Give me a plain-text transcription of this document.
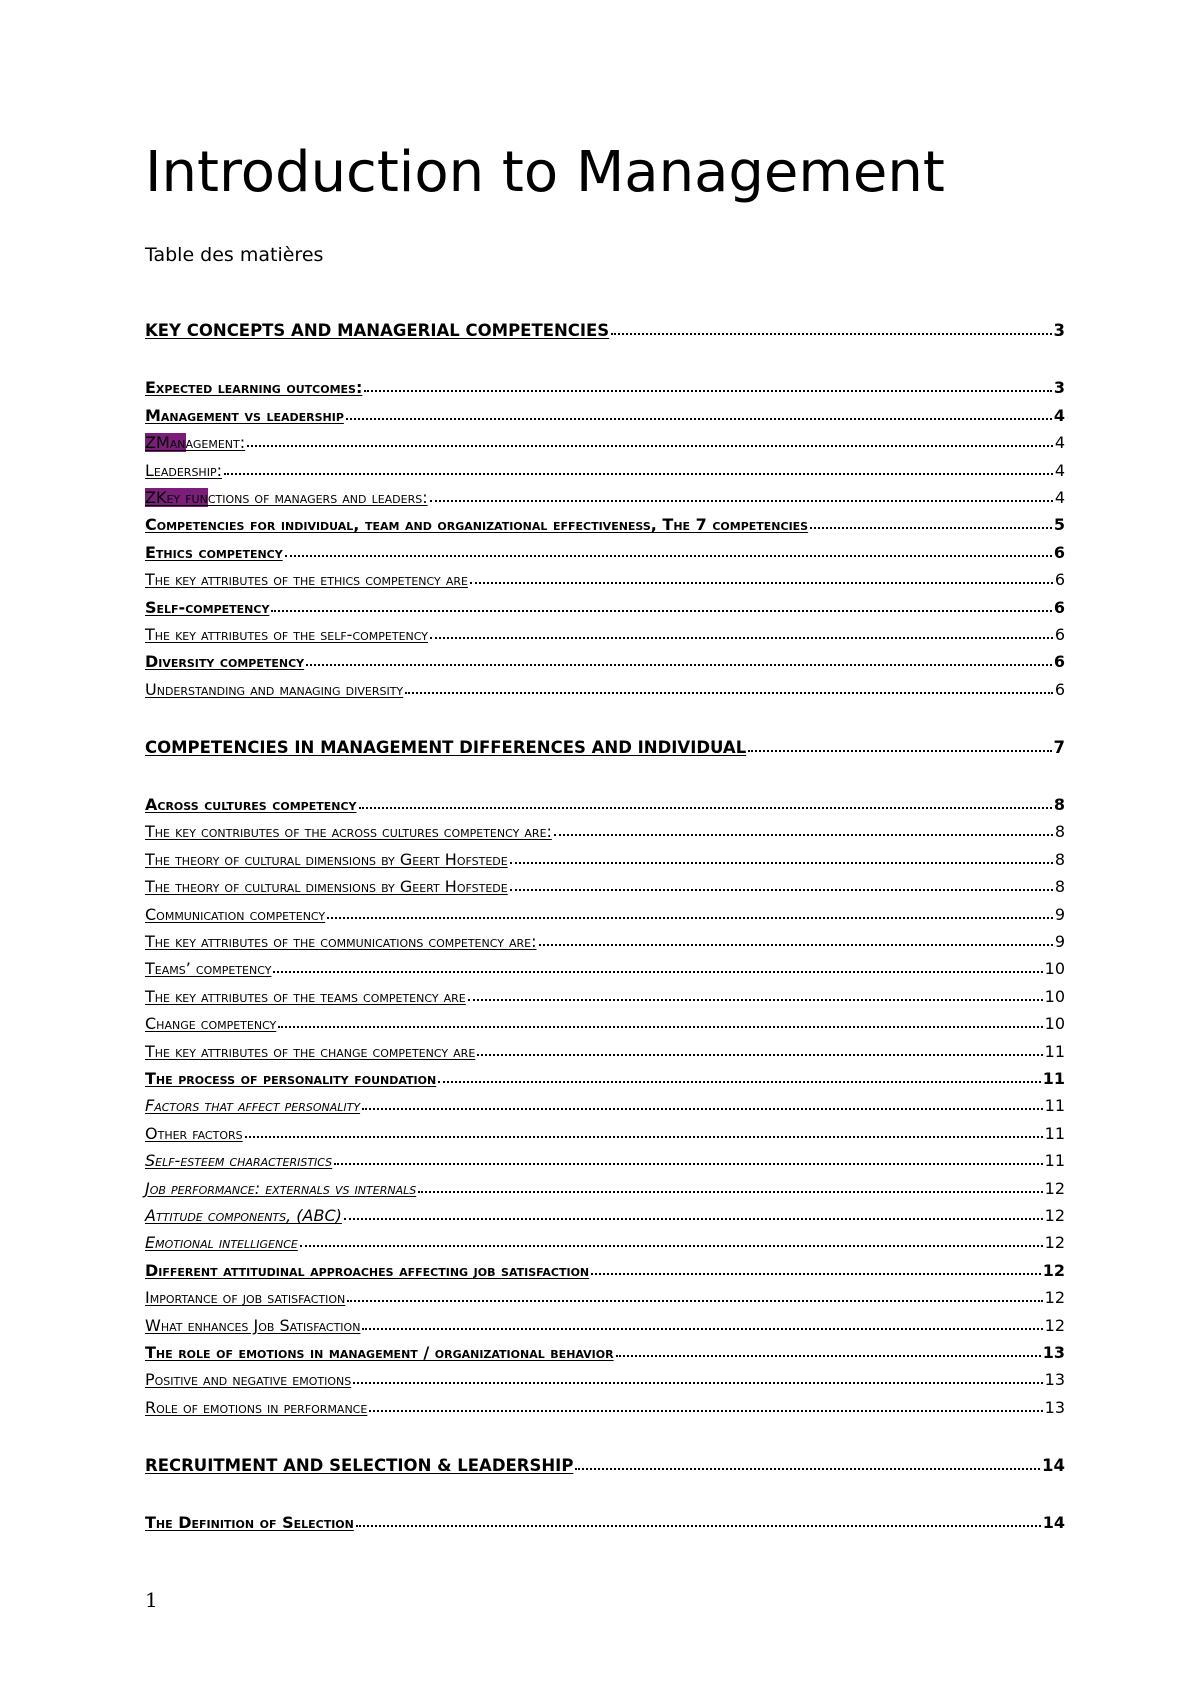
Introduction to Management
Table des matières
KEY CONCEPTS AND MANAGERIAL COMPETENCIES	3
Expected learning outcomes:	3
Management vs leadership	4
ZManagement:	4
Leadership:	4
ZKey functions of managers and leaders:	4
Competencies for individual, team and organizational effectiveness, The 7 competencies	5
Ethics competency	6
The key attributes of the ethics competency are	6
Self-competency	6
The key attributes of the self-competency	6
Diversity competency	6
Understanding and managing diversity	6
COMPETENCIES IN MANAGEMENT DIFFERENCES AND INDIVIDUAL	7
Across cultures competency	8
The key contributes of the across cultures competency are:	8
The theory of cultural dimensions by Geert Hofstede	8
The theory of cultural dimensions by Geert Hofstede	8
Communication competency	9
The key attributes of the communications competency are:	9
Teams’ competency	10
The key attributes of the teams competency are	10
Change competency	10
The key attributes of the change competency are	11
The process of personality foundation	11
Factors that affect personality	11
Other factors	11
Self-esteem characteristics	11
Job performance: externals vs internals	12
Attitude components, (ABC)	12
Emotional intelligence	12
Different attitudinal approaches affecting job satisfaction	12
Importance of job satisfaction	12
What enhances Job Satisfaction	12
The role of emotions in management / organizational behavior	13
Positive and negative emotions	13
Role of emotions in performance	13
RECRUITMENT AND SELECTION & LEADERSHIP	14
The Definition of Selection	14
1
